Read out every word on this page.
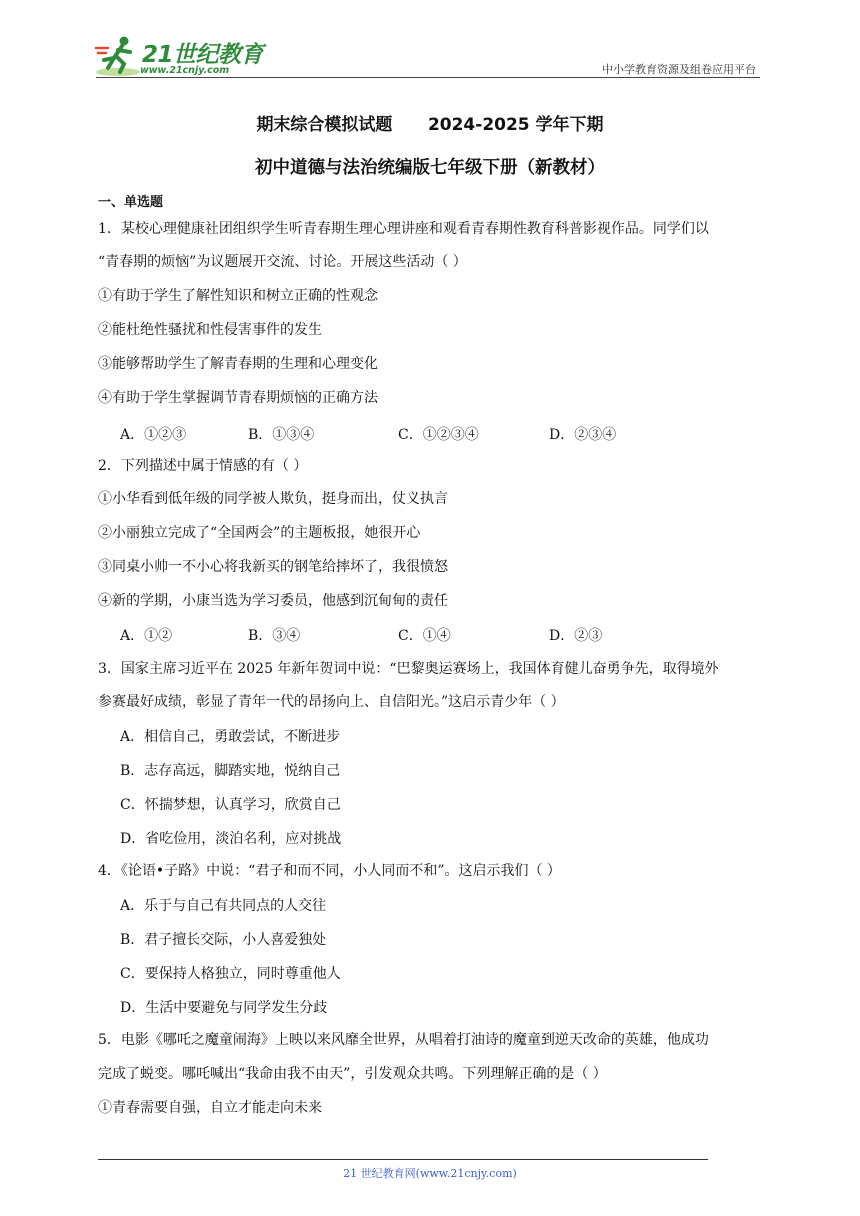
21世纪教育
www.21cnjy.com	中小学教育资源及组卷应用平台
期末综合模拟试题      2024-2025 学年下期
初中道德与法治统编版七年级下册（新教材）
一、单选题
1．某校心理健康社团组织学生听青春期生理心理讲座和观看青春期性教育科普影视作品。同学们以
“青春期的烦恼”为议题展开交流、讨论。开展这些活动（ ）
①有助于学生了解性知识和树立正确的性观念
②能杜绝性骚扰和性侵害事件的发生
③能够帮助学生了解青春期的生理和心理变化
④有助于学生掌握调节青春期烦恼的正确方法
A．①②③	B．①③④	C．①②③④	D．②③④
2．下列描述中属于情感的有（ ）
①小华看到低年级的同学被人欺负，挺身而出，仗义执言
②小丽独立完成了“全国两会”的主题板报，她很开心
③同桌小帅一不小心将我新买的钢笔给摔坏了，我很愤怒
④新的学期，小康当选为学习委员，他感到沉甸甸的责任
A．①②	B．③④	C．①④	D．②③
3．国家主席习近平在 2025 年新年贺词中说：“巴黎奥运赛场上，我国体育健儿奋勇争先，取得境外
参赛最好成绩，彰显了青年一代的昂扬向上、自信阳光。”这启示青少年（ ）
A．相信自己，勇敢尝试，不断进步
B．志存高远，脚踏实地，悦纳自己
C．怀揣梦想，认真学习，欣赏自己
D．省吃俭用，淡泊名利，应对挑战
4．《论语•子路》中说：“君子和而不同，小人同而不和”。这启示我们（ ）
A．乐于与自己有共同点的人交往
B．君子擅长交际，小人喜爱独处
C．要保持人格独立，同时尊重他人
D．生活中要避免与同学发生分歧
5．电影《哪吒之魔童闹海》上映以来风靡全世界，从唱着打油诗的魔童到逆天改命的英雄，他成功
完成了蜕变。哪吒喊出“我命由我不由天”，引发观众共鸣。下列理解正确的是（ ）
①青春需要自强，自立才能走向未来
21 世纪教育网(www.21cnjy.com)
